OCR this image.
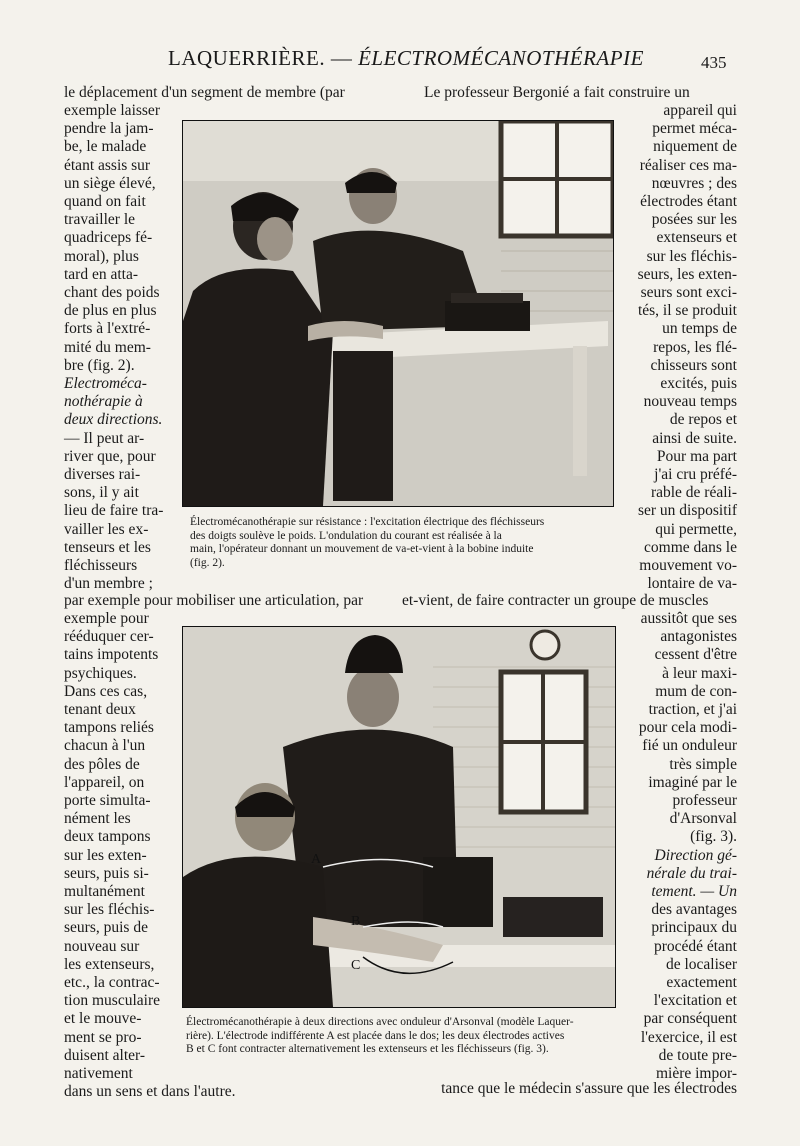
LAQUERRIÈRE. — ÉLECTROMÉCANOTHÉRAPIE	435
le déplacement d'un segment de membre (par	Le professeur Bergonié a fait construire un
exemple laisser
pendre la jam-
be, le malade
étant assis sur
un siège élevé,
quand on fait
travailler le
quadriceps fé-
moral), plus
tard en atta-
chant des poids
de plus en plus
forts à l'extré-
mité du mem-
bre (fig. 2).
Electroméca-
nothérapie à
deux directions.
— Il peut ar-
river que, pour
diverses rai-
sons, il y ait
lieu de faire tra-
vailler les ex-
tenseurs et les
fléchisseurs
d'un membre ;
appareil qui
permet méca-
niquement de
réaliser ces ma-
nœuvres ; des
électrodes étant
posées sur les
extenseurs et
sur les fléchis-
seurs, les exten-
seurs sont exci-
tés, il se produit
un temps de
repos, les flé-
chisseurs sont
excités, puis
nouveau temps
de repos et
ainsi de suite.
Pour ma part
j'ai cru préfé-
rable de réali-
ser un dispositif
qui permette,
comme dans le
mouvement vo-
lontaire de va-
Électromécanothérapie sur résistance : l'excitation électrique des fléchisseurs
des doigts soulève le poids. L'ondulation du courant est réalisée à la
main, l'opérateur donnant un mouvement de va-et-vient à la bobine induite
(fig. 2).
par exemple pour mobiliser une articulation, par	et-vient, de faire contracter un groupe de muscles
exemple pour
rééduquer cer-
tains impotents
psychiques.
Dans ces cas,
tenant deux
tampons reliés
chacun à l'un
des pôles de
l'appareil, on
porte simulta-
nément les
deux tampons
sur les exten-
seurs, puis si-
multanément
sur les fléchis-
seurs, puis de
nouveau sur
les extenseurs,
etc., la contrac-
tion musculaire
et le mouve-
ment se pro-
duisent alter-
nativement
dans un sens et dans l'autre.
aussitôt que ses
antagonistes
cessent d'être
à leur maxi-
mum de con-
traction, et j'ai
pour cela modi-
fié un onduleur
très simple
imaginé par le
professeur
d'Arsonval
(fig. 3).
Direction gé-
nérale du trai-
tement. — Un
des avantages
principaux du
procédé étant
de localiser
exactement
l'excitation et
par conséquent
l'exercice, il est
de toute pre-
mière impor-
A
B
C
Électromécanothérapie à deux directions avec onduleur d'Arsonval (modèle Laquer-
rière). L'électrode indifférente A est placée dans le dos; les deux électrodes actives
B et C font contracter alternativement les extenseurs et les fléchisseurs (fig. 3).
tance que le médecin s'assure que les électrodes
